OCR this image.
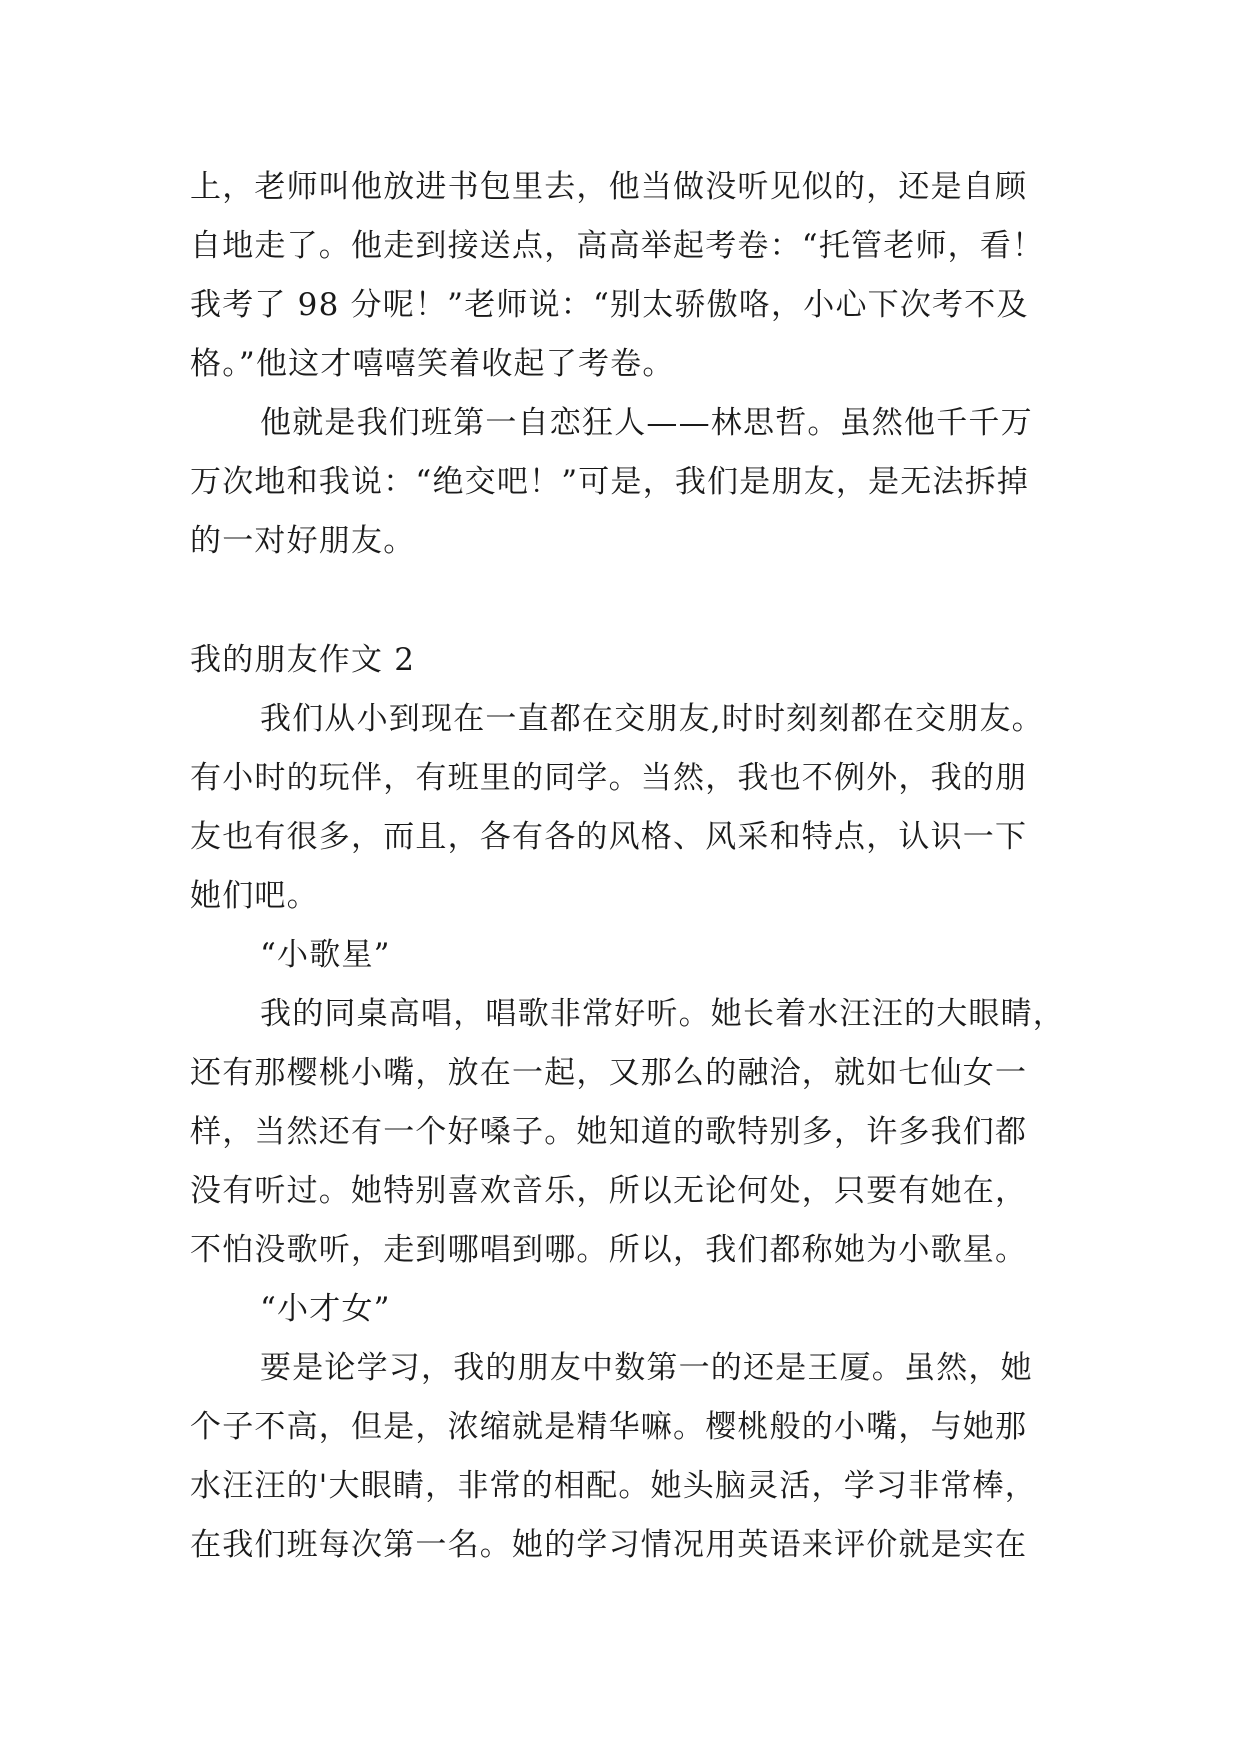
上，老师叫他放进书包里去，他当做没听见似的，还是自顾
自地走了。他走到接送点，高高举起考卷：“托管老师，看！
我考了 98 分呢！”老师说：“别太骄傲咯，小心下次考不及
格。”他这才嘻嘻笑着收起了考卷。
他就是我们班第一自恋狂人——林思哲。虽然他千千万
万次地和我说：“绝交吧！”可是，我们是朋友，是无法拆掉
的一对好朋友。
我的朋友作文 2
我们从小到现在一直都在交朋友,时时刻刻都在交朋友。
有小时的玩伴，有班里的同学。当然，我也不例外，我的朋
友也有很多，而且，各有各的风格、风采和特点，认识一下
她们吧。
“小歌星”
我的同桌高唱，唱歌非常好听。她长着水汪汪的大眼睛，
还有那樱桃小嘴，放在一起，又那么的融洽，就如七仙女一
样，当然还有一个好嗓子。她知道的歌特别多，许多我们都
没有听过。她特别喜欢音乐，所以无论何处，只要有她在，
不怕没歌听，走到哪唱到哪。所以，我们都称她为小歌星。
“小才女”
要是论学习，我的朋友中数第一的还是王厦。虽然，她
个子不高，但是，浓缩就是精华嘛。樱桃般的小嘴，与她那
水汪汪的'大眼睛，非常的相配。她头脑灵活，学习非常棒，
在我们班每次第一名。她的学习情况用英语来评价就是实在
